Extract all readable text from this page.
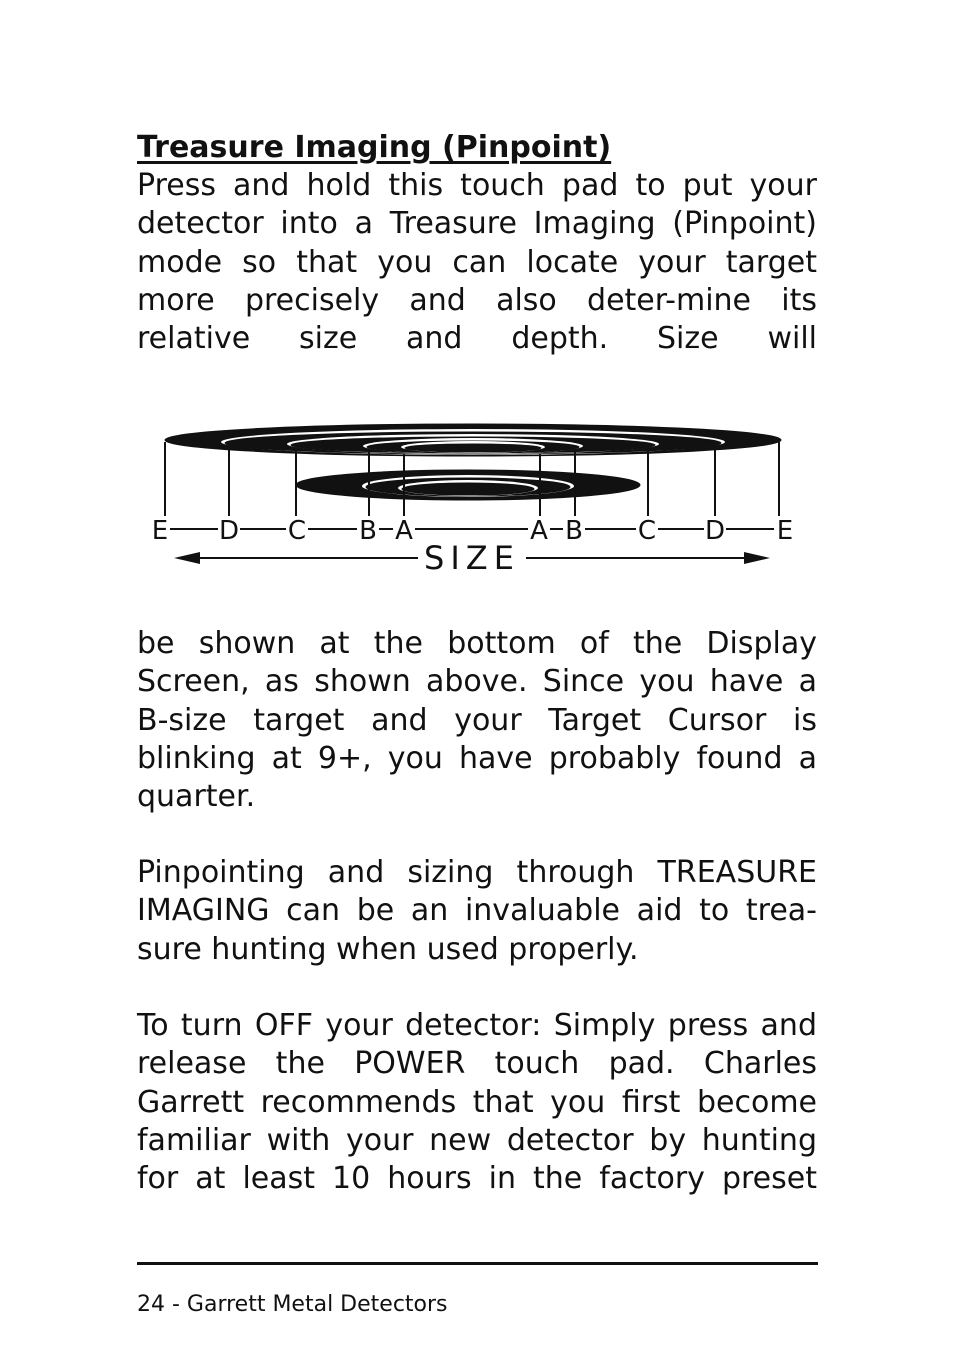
Treasure Imaging (Pinpoint)

Press and hold this touch pad to put your detector into a Treasure Imaging (Pinpoint) mode so that you can locate your target more precisely and also deter-mine its relative size and depth. Size will

E D C B A	A B C D E
SIZE

be shown at the bottom of the Display Screen, as shown above. Since you have a B-size target and your Target Cursor is blinking at 9+, you have probably found a quarter.

Pinpointing and sizing through TREASURE IMAGING can be an invaluable aid to trea-sure hunting when used properly.

To turn OFF your detector: Simply press and release the POWER touch pad. Charles Garrett recommends that you first become familiar with your new detector by hunting for at least 10 hours in the factory preset

24 - Garrett Metal Detectors
